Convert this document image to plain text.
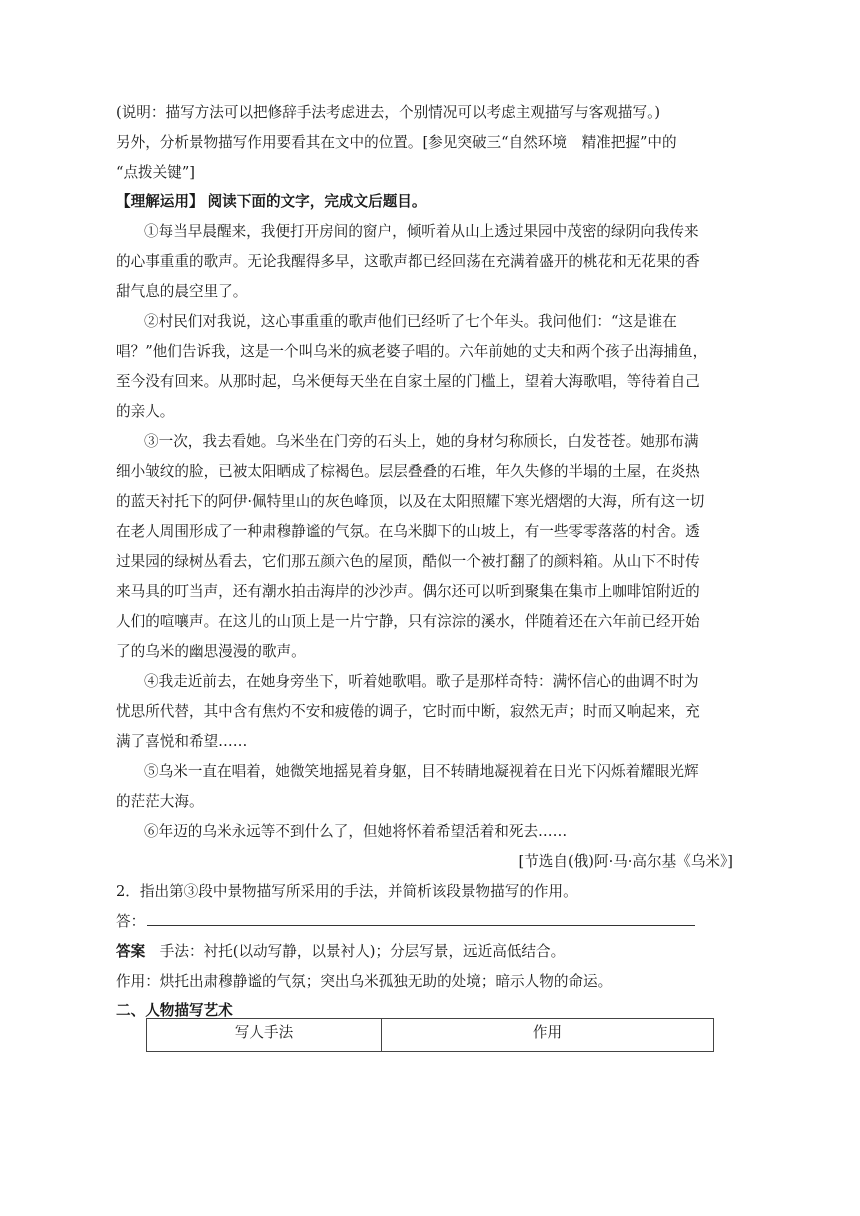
(说明：描写方法可以把修辞手法考虑进去，个别情况可以考虑主观描写与客观描写。)
另外，分析景物描写作用要看其在文中的位置。[参见突破三“自然环境　精准把握”中的
“点拨关键”]
【理解运用】 阅读下面的文字，完成文后题目。
①每当早晨醒来，我便打开房间的窗户，倾听着从山上透过果园中茂密的绿阴向我传来
的心事重重的歌声。无论我醒得多早，这歌声都已经回荡在充满着盛开的桃花和无花果的香
甜气息的晨空里了。
②村民们对我说，这心事重重的歌声他们已经听了七个年头。我问他们：“这是谁在
唱？”他们告诉我，这是一个叫乌米的疯老婆子唱的。六年前她的丈夫和两个孩子出海捕鱼，
至今没有回来。从那时起，乌米便每天坐在自家土屋的门槛上，望着大海歌唱，等待着自己
的亲人。
③一次，我去看她。乌米坐在门旁的石头上，她的身材匀称颀长，白发苍苍。她那布满
细小皱纹的脸，已被太阳晒成了棕褐色。层层叠叠的石堆，年久失修的半塌的土屋，在炎热
的蓝天衬托下的阿伊·佩特里山的灰色峰顶，以及在太阳照耀下寒光熠熠的大海，所有这一切
在老人周围形成了一种肃穆静谧的气氛。在乌米脚下的山坡上，有一些零零落落的村舍。透
过果园的绿树丛看去，它们那五颜六色的屋顶，酷似一个被打翻了的颜料箱。从山下不时传
来马具的叮当声，还有潮水拍击海岸的沙沙声。偶尔还可以听到聚集在集市上咖啡馆附近的
人们的喧嚷声。在这儿的山顶上是一片宁静，只有淙淙的溪水，伴随着还在六年前已经开始
了的乌米的幽思漫漫的歌声。
④我走近前去，在她身旁坐下，听着她歌唱。歌子是那样奇特：满怀信心的曲调不时为
忧思所代替，其中含有焦灼不安和疲倦的调子，它时而中断，寂然无声；时而又响起来，充
满了喜悦和希望……
⑤乌米一直在唱着，她微笑地摇晃着身躯，目不转睛地凝视着在日光下闪烁着耀眼光辉
的茫茫大海。
⑥年迈的乌米永远等不到什么了，但她将怀着希望活着和死去……
[节选自(俄)阿·马·高尔基《乌米》]
2．指出第③段中景物描写所采用的手法，并简析该段景物描写的作用。
答：
答案　手法：衬托(以动写静，以景衬人)；分层写景，远近高低结合。
作用：烘托出肃穆静谧的气氛；突出乌米孤独无助的处境；暗示人物的命运。
二、人物描写艺术
写人手法	作用
